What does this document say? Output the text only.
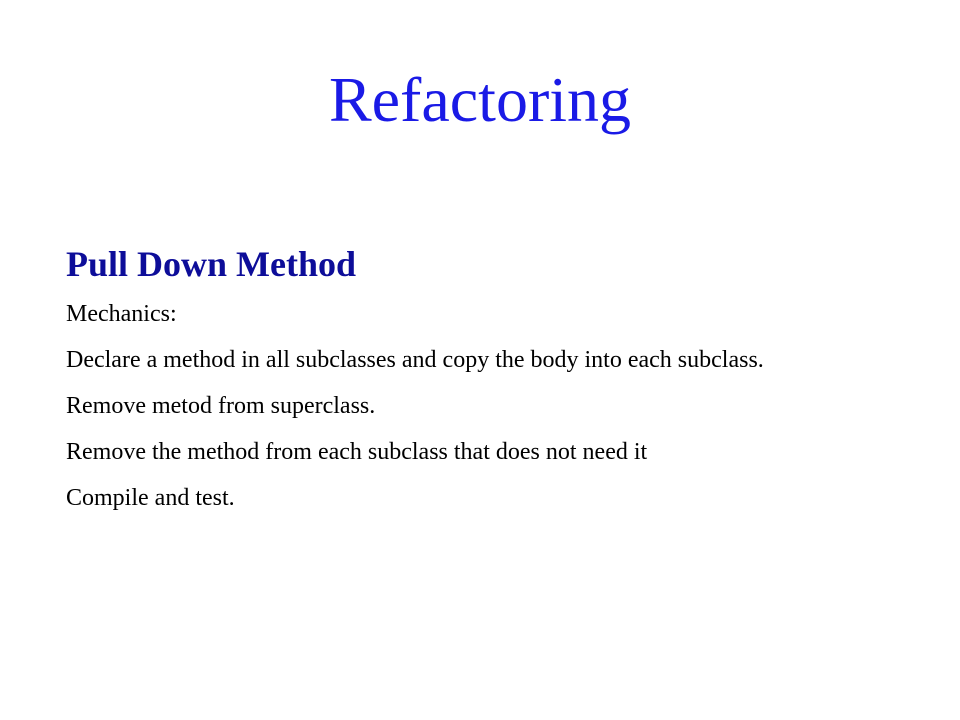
Refactoring
Pull Down Method

Mechanics:

Declare a method in all subclasses and copy the body into each subclass.

Remove metod from superclass.

Remove the method from each subclass that does not need it

Compile and test.
